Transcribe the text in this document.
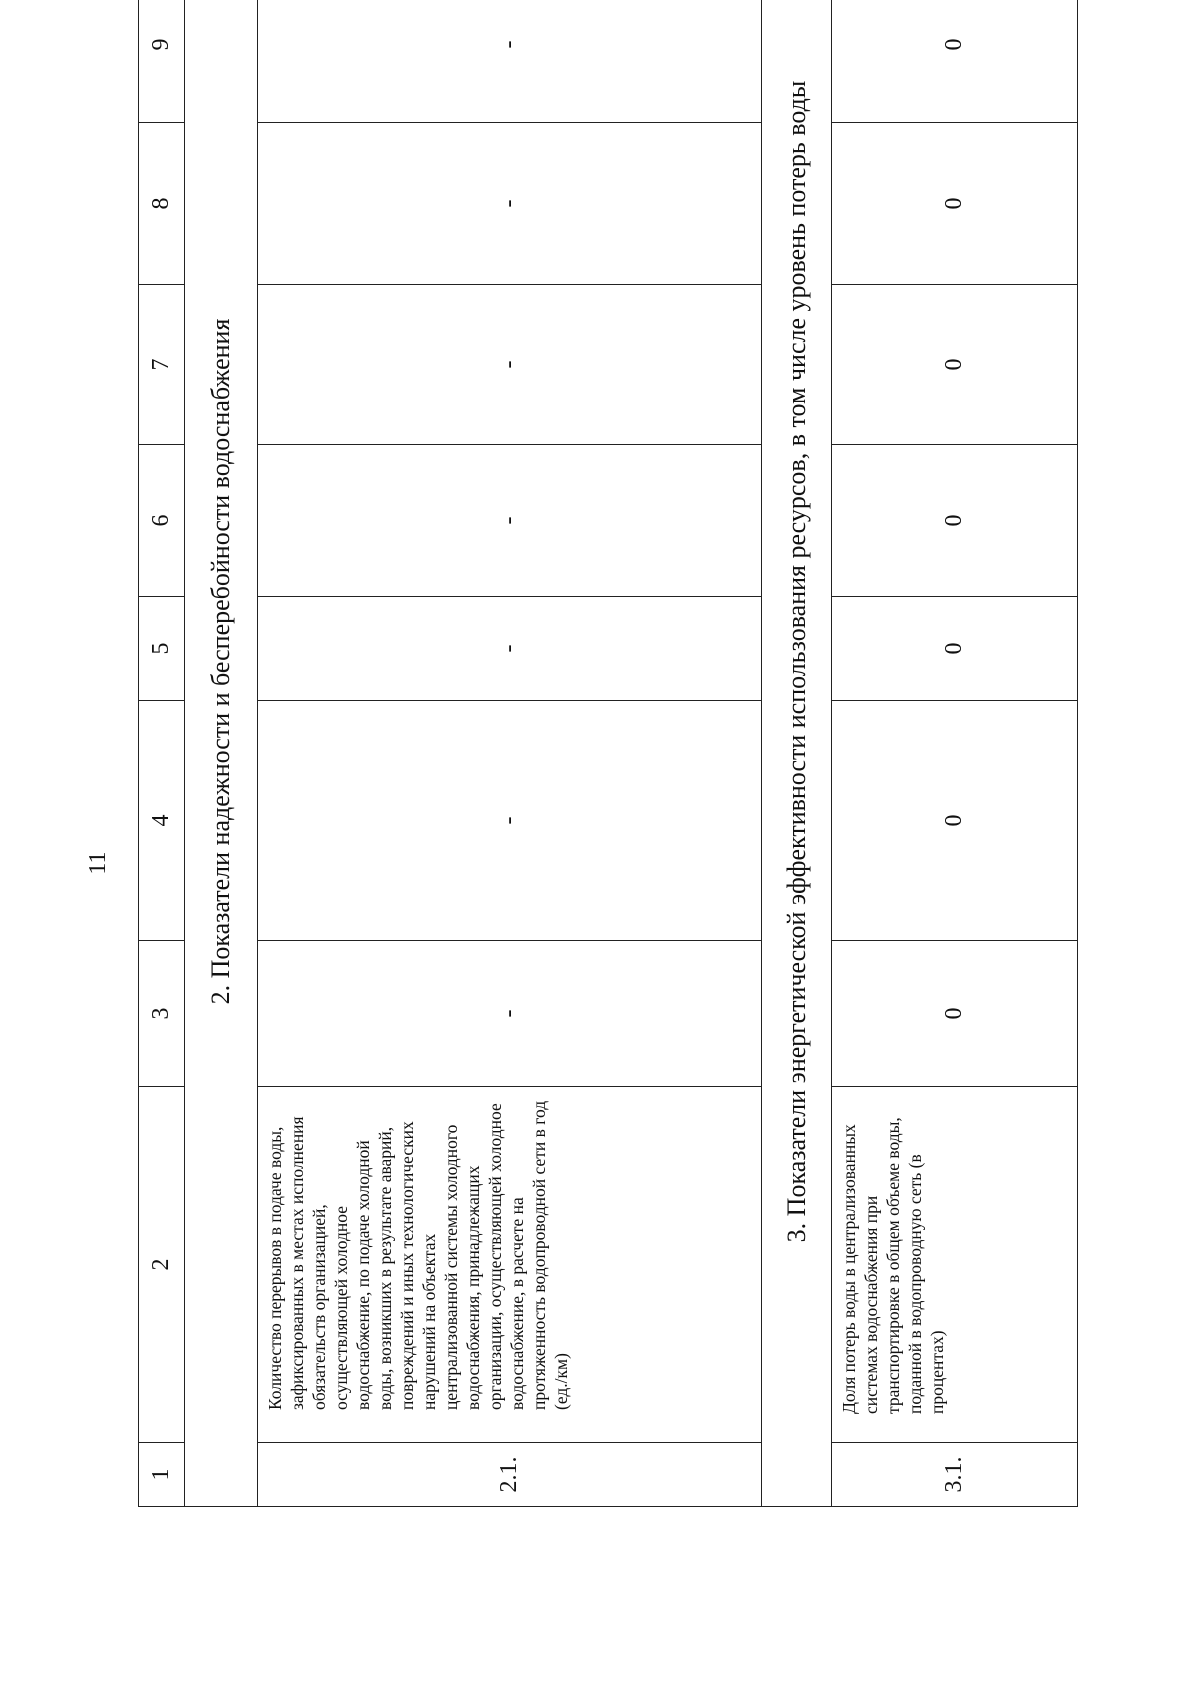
11
1	2	3	4	5	6	7	8	9	
2. Показатели надежности и бесперебойности водоснабжения									
2.1.	Количество перерывов в подаче воды, зафиксированных в местах исполнения обязательств организацией, осуществляющей холодное водоснабжение, по подаче холодной воды, возникших в результате аварий, повреждений и иных технологических нарушений на объектах централизованной системы холодного водоснабжения, принадлежащих организации, осуществляющей холодное водоснабжение, в расчете на протяженность водопроводной сети в год (ед./км)	-	-	-	-	-	-	-	
3. Показатели энергетической эффективности использования ресурсов, в том числе уровень потерь воды									
3.1.	Доля потерь воды в централизованных системах водоснабжения при транспортировке в общем объеме воды, поданной в водопроводную сеть (в процентах)	0	0	0	0	0	0	0	
